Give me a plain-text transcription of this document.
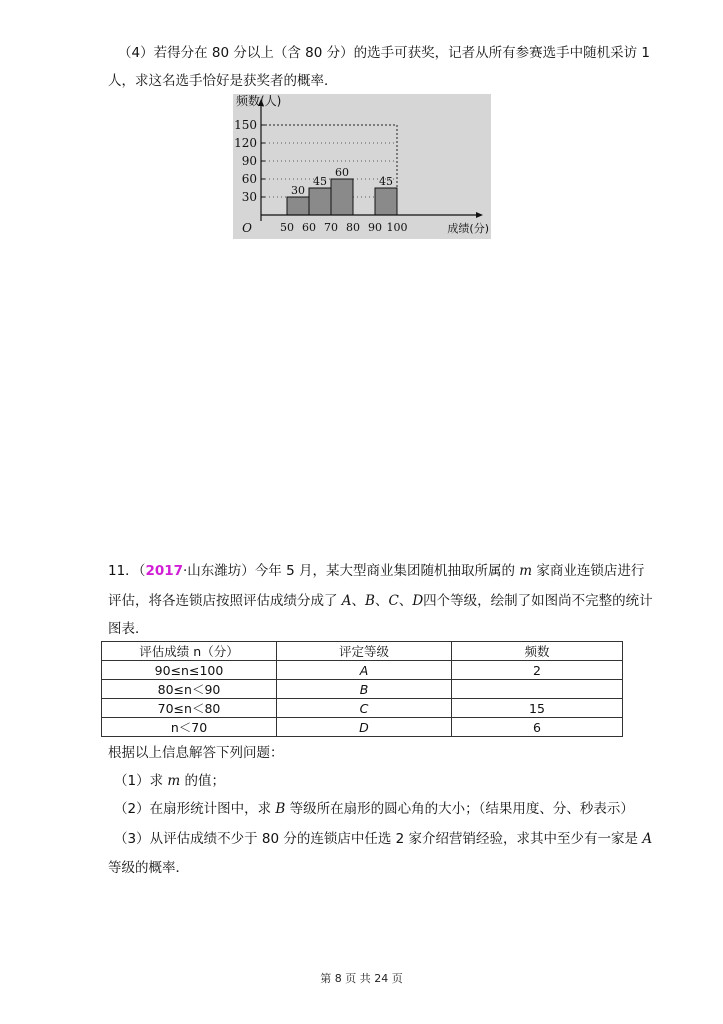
（4）若得分在 80 分以上（含 80 分）的选手可获奖，记者从所有参赛选手中随机采访 1
人，求这名选手恰好是获奖者的概率．
30
45
60
45
30
60
90
120
150
50 60 70 80 90 100
O
频数(人)
成绩(分)
11．（2017·山东潍坊）今年 5 月，某大型商业集团随机抽取所属的 m 家商业连锁店进行
评估，将各连锁店按照评估成绩分成了 A、B、C、D四个等级，绘制了如图尚不完整的统计
图表．
评估成绩 n（分）	评定等级	频数
90≤n≤100	A	2
80≤n＜90	B	
70≤n＜80	C	15
n＜70	D	6
根据以上信息解答下列问题：
（1）求 m 的值；
（2）在扇形统计图中，求 B 等级所在扇形的圆心角的大小；（结果用度、分、秒表示）
（3）从评估成绩不少于 80 分的连锁店中任选 2 家介绍营销经验，求其中至少有一家是 A
等级的概率．
第 8 页 共 24 页
